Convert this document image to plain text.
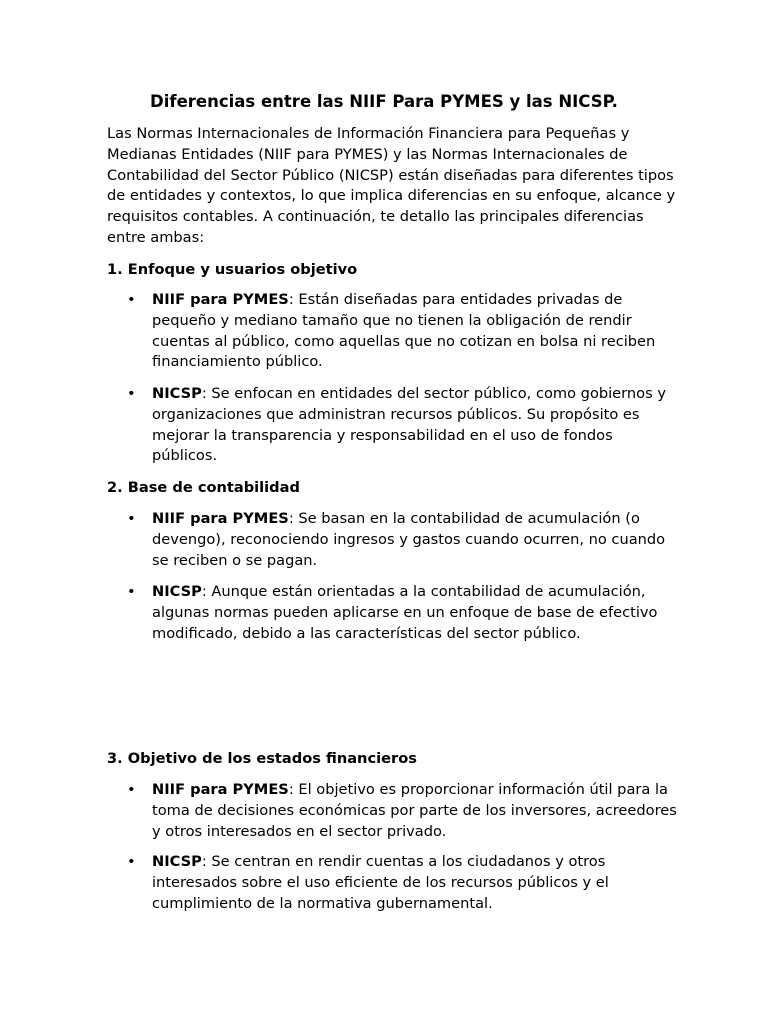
Diferencias entre las NIIF Para PYMES y las NICSP.

Las Normas Internacionales de Información Financiera para Pequeñas y Medianas Entidades (NIIF para PYMES) y las Normas Internacionales de Contabilidad del Sector Público (NICSP) están diseñadas para diferentes tipos de entidades y contextos, lo que implica diferencias en su enfoque, alcance y requisitos contables. A continuación, te detallo las principales diferencias entre ambas:

1. Enfoque y usuarios objetivo
• NIIF para PYMES: Están diseñadas para entidades privadas de pequeño y mediano tamaño que no tienen la obligación de rendir cuentas al público, como aquellas que no cotizan en bolsa ni reciben financiamiento público.
• NICSP: Se enfocan en entidades del sector público, como gobiernos y organizaciones que administran recursos públicos. Su propósito es mejorar la transparencia y responsabilidad en el uso de fondos públicos.
2. Base de contabilidad
• NIIF para PYMES: Se basan en la contabilidad de acumulación (o devengo), reconociendo ingresos y gastos cuando ocurren, no cuando se reciben o se pagan.
• NICSP: Aunque están orientadas a la contabilidad de acumulación, algunas normas pueden aplicarse en un enfoque de base de efectivo modificado, debido a las características del sector público.
3. Objetivo de los estados financieros
• NIIF para PYMES: El objetivo es proporcionar información útil para la toma de decisiones económicas por parte de los inversores, acreedores y otros interesados en el sector privado.
• NICSP: Se centran en rendir cuentas a los ciudadanos y otros interesados sobre el uso eficiente de los recursos públicos y el cumplimiento de la normativa gubernamental.
